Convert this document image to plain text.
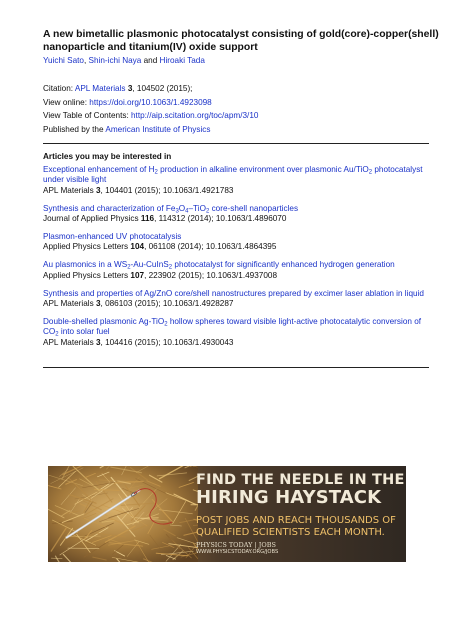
A new bimetallic plasmonic photocatalyst consisting of gold(core)-copper(shell) nanoparticle and titanium(IV) oxide support
Yuichi Sato, Shin-ichi Naya and Hiroaki Tada
Citation: APL Materials 3, 104502 (2015);
View online: https://doi.org/10.1063/1.4923098
View Table of Contents: http://aip.scitation.org/toc/apm/3/10
Published by the American Institute of Physics
Articles you may be interested in
Exceptional enhancement of $H_2$ production in alkaline environment over plasmonic Au/TiO$_2$ photocatalyst under visible light
APL Materials 3, 104401 (2015); 10.1063/1.4921783
Synthesis and characterization of $Fe_3O_4-TiO_2$ core-shell nanoparticles
Journal of Applied Physics 116, 114312 (2014); 10.1063/1.4896070
Plasmon-enhanced UV photocatalysis
Applied Physics Letters 104, 061108 (2014); 10.1063/1.4864395
Au plasmonics in a $WS_2-Au-CuInS_2$ photocatalyst for significantly enhanced hydrogen generation
Applied Physics Letters 107, 223902 (2015); 10.1063/1.4937008
Synthesis and properties of Ag/ZnO core/shell nanostructures prepared by excimer laser ablation in liquid
APL Materials 3, 086103 (2015); 10.1063/1.4928287
Double-shelled plasmonic Ag-TiO$_2$ hollow spheres toward visible light-active photocatalytic conversion of $CO_2$ into solar fuel
APL Materials 3, 104416 (2015); 10.1063/1.4930043
FIND THE NEEDLE IN THE
HIRING HAYSTACK
POST JOBS AND REACH THOUSANDS OF
QUALIFIED SCIENTISTS EACH MONTH.
PHYSICS TODAY | JOBS
WWW.PHYSICSTODAY.ORG/JOBS
